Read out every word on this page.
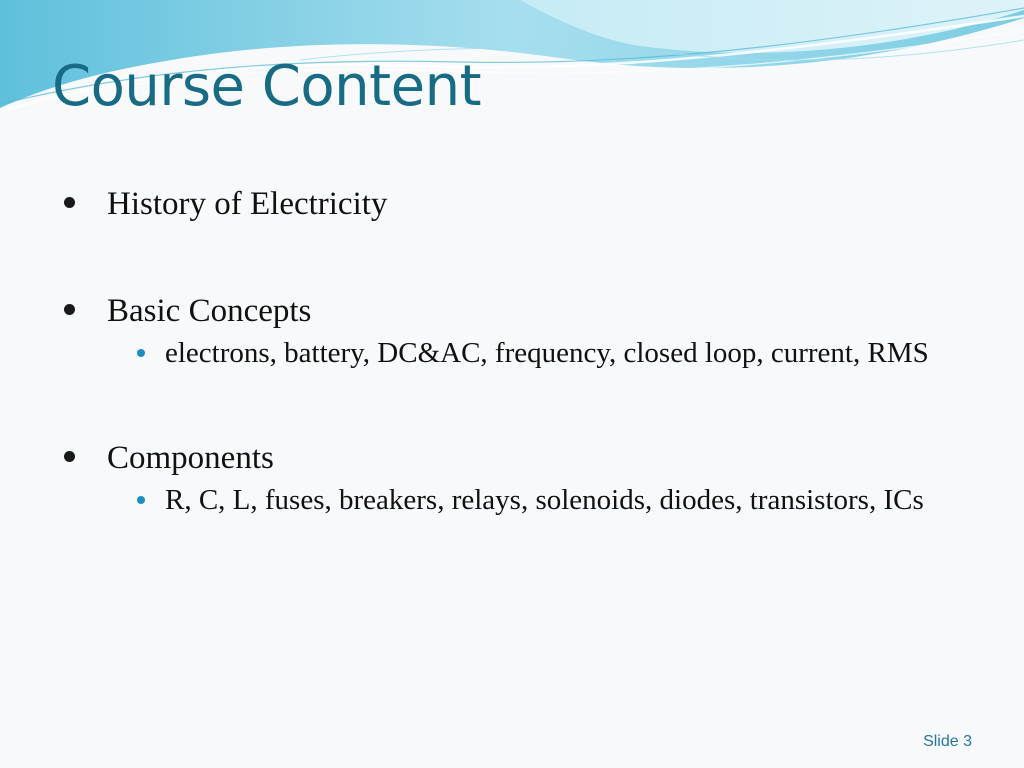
Course Content
History of Electricity
Basic Concepts
electrons, battery, DC&AC, frequency, closed loop, current, RMS
Components
R, C, L, fuses, breakers, relays, solenoids, diodes, transistors, ICs
Slide 3
